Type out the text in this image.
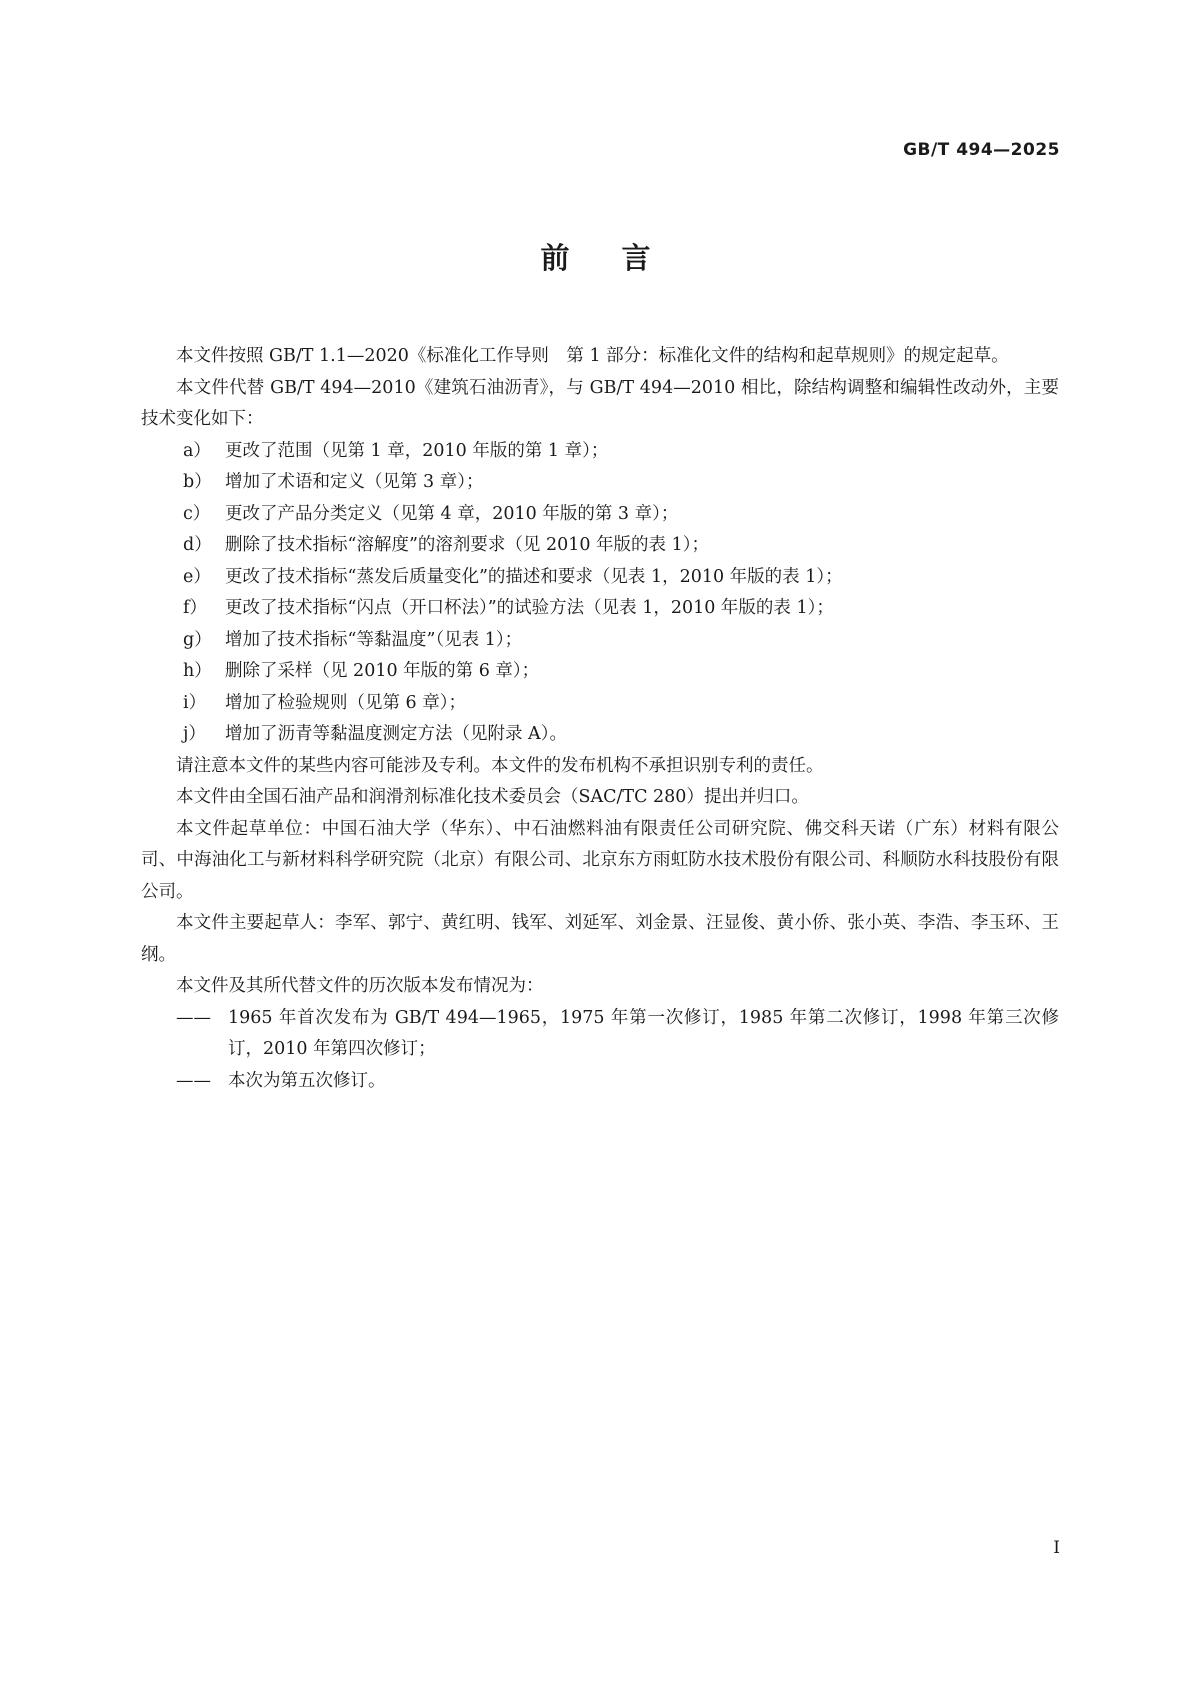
GB/T 494—2025
前言

本文件按照 GB/T 1.1—2020《标准化工作导则　第 1 部分：标准化文件的结构和起草规则》的规定起草。

本文件代替 GB/T 494—2010《建筑石油沥青》，与 GB/T 494—2010 相比，除结构调整和编辑性改动外，主要技术变化如下：

a） 更改了范围（见第 1 章，2010 年版的第 1 章）；
b） 增加了术语和定义（见第 3 章）；
c） 更改了产品分类定义（见第 4 章，2010 年版的第 3 章）；
d） 删除了技术指标“溶解度”的溶剂要求（见 2010 年版的表 1）；
e） 更改了技术指标“蒸发后质量变化”的描述和要求（见表 1，2010 年版的表 1）；
f）	更改了技术指标“闪点（开口杯法）”的试验方法（见表 1，2010 年版的表 1）；
g） 增加了技术指标“等黏温度”（见表 1）；
h） 删除了采样（见 2010 年版的第 6 章）；
i）	增加了检验规则（见第 6 章）；
j）	增加了沥青等黏温度测定方法（见附录 A）。

请注意本文件的某些内容可能涉及专利。本文件的发布机构不承担识别专利的责任。

本文件由全国石油产品和润滑剂标准化技术委员会（SAC/TC 280）提出并归口。

本文件起草单位：中国石油大学（华东）、中石油燃料油有限责任公司研究院、佛交科天诺（广东）材料有限公司、中海油化工与新材料科学研究院（北京）有限公司、北京东方雨虹防水技术股份有限公司、科顺防水科技股份有限公司。

本文件主要起草人：李军、郭宁、黄红明、钱军、刘延军、刘金景、汪显俊、黄小侨、张小英、李浩、李玉环、王纲。

本文件及其所代替文件的历次版本发布情况为：

—— 1965 年首次发布为 GB/T 494—1965，1975 年第一次修订，1985 年第二次修订，1998 年第三次修订，2010 年第四次修订；
—— 本次为第五次修订。
I
